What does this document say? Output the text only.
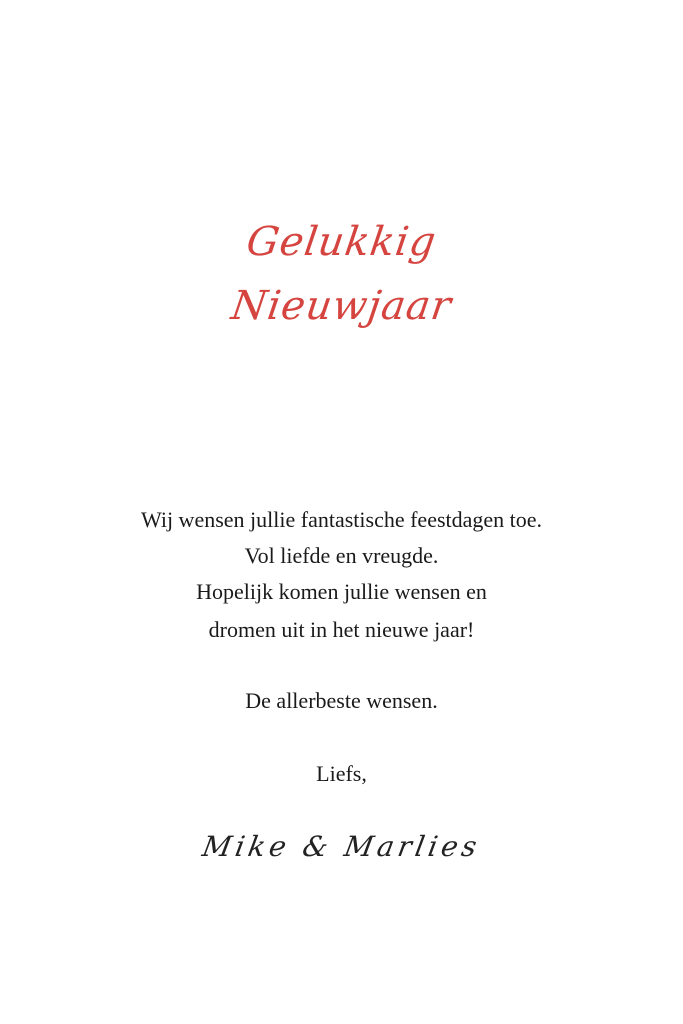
Gelukkig
Nieuwjaar
Wij wensen jullie fantastische feestdagen toe.
Vol liefde en vreugde.
Hopelijk komen jullie wensen en
dromen uit in het nieuwe jaar!
De allerbeste wensen.
Liefs,
Mike & Marlies
